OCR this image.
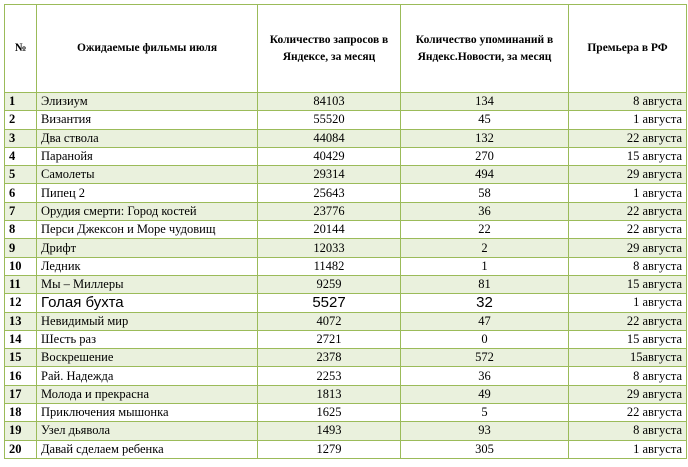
№	Ожидаемые фильмы июля	Количество запросов в Яндексе, за месяц	Количество упоминаний в Яндекс.Новости, за месяц	Премьера в РФ
1	Элизиум	84103	134	8 августа
2	Византия	55520	45	1 августа
3	Два ствола	44084	132	22 августа
4	Паранойя	40429	270	15 августа
5	Самолеты	29314	494	29 августа
6	Пипец 2	25643	58	1 августа
7	Орудия смерти: Город костей	23776	36	22 августа
8	Перси Джексон и Море чудовищ	20144	22	22 августа
9	Дрифт	12033	2	29 августа
10	Ледник	11482	1	8 августа
11	Мы – Миллеры	9259	81	15 августа
12	Голая бухта	5527	32	1 августа
13	Невидимый мир	4072	47	22 августа
14	Шесть раз	2721	0	15 августа
15	Воскрешение	2378	572	15августа
16	Рай. Надежда	2253	36	8 августа
17	Молода и прекрасна	1813	49	29 августа
18	Приключения мышонка	1625	5	22 августа
19	Узел дьявола	1493	93	8 августа
20	Давай сделаем ребенка	1279	305	1 августа
